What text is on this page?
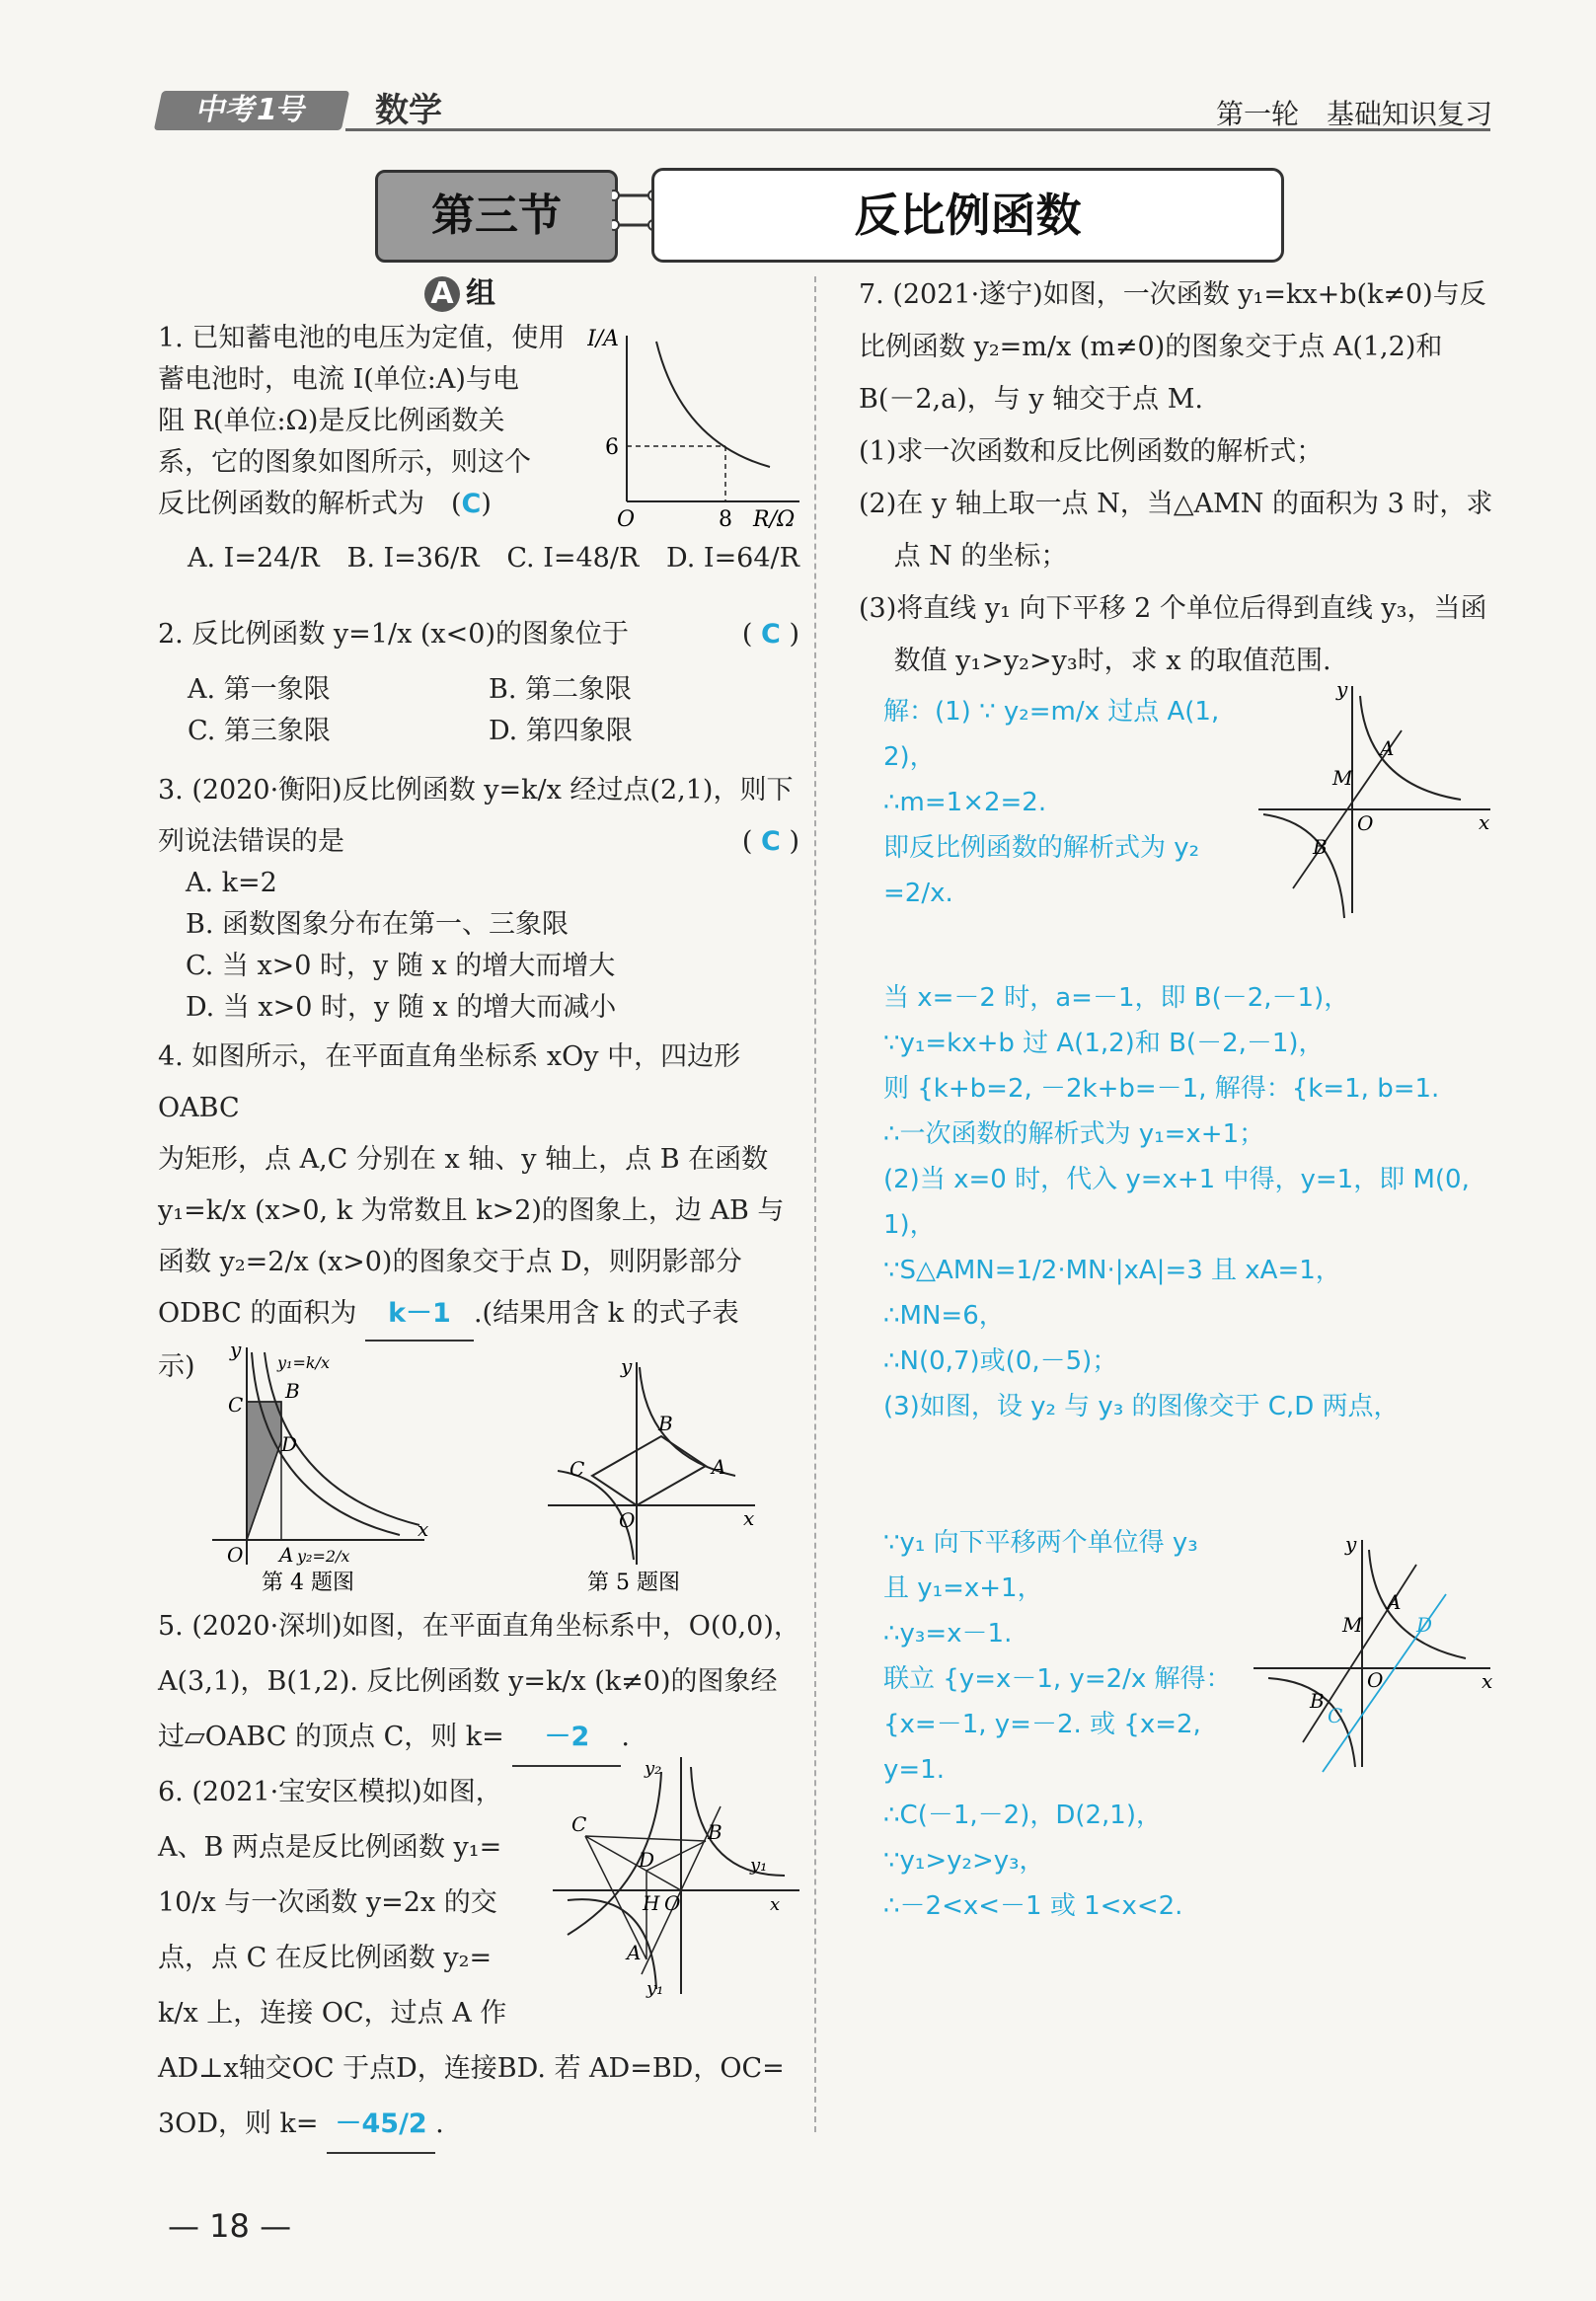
中考1号	数学	第一轮　基础知识复习
第三节	反比例函数
A 组
1. 已知蓄电池的电压为定值，使用
蓄电池时，电流 I(单位:A)与电
阻 R(单位:Ω)是反比例函数关
系，它的图象如图所示，则这个
反比例函数的解析式为　(C)
I/A
R/Ω
O	8
6
A. I=24/R B. I=36/R C. I=48/R D. I=64/R
2. 反比例函数 y=1/x (x<0)的图象位于	( C )
A. 第一象限	B. 第二象限
C. 第三象限	D. 第四象限
3. (2020·衡阳)反比例函数 y=k/x 经过点(2,1)，则下
列说法错误的是	( C )
A. k=2
B. 函数图象分布在第一、三象限
C. 当 x>0 时，y 随 x 的增大而增大
D. 当 x>0 时，y 随 x 的增大而减小
4. 如图所示，在平面直角坐标系 xOy 中，四边形 OABC
为矩形，点 A,C 分别在 x 轴、y 轴上，点 B 在函数
y₁=k/x (x>0, k 为常数且 k>2)的图象上，边 AB 与
函数 y₂=2/x (x>0)的图象交于点 D，则阴影部分
ODBC 的面积为 k－1 .(结果用含 k 的式子表
示)
y
x
O A
B
C
D
y₁=k/x
y₂=2/x
第 4 题图
y
x
O
A
B
C
第 5 题图
5. (2020·深圳)如图，在平面直角坐标系中，O(0,0)，
A(3,1)，B(1,2). 反比例函数 y=k/x (k≠0)的图象经
过▱OABC 的顶点 C，则 k= －2 .
6. (2021·宝安区模拟)如图，
A、B 两点是反比例函数 y₁=
10/x 与一次函数 y=2x 的交
点，点 C 在反比例函数 y₂=
k/x 上，连接 OC，过点 A 作
AD⊥x轴交OC 于点D，连接BD. 若 AD=BD，OC=
3OD，则 k= －45/2 .
y₂
y₁
y₁
x
C	B
D
H O
A
7. (2021·遂宁)如图，一次函数 y₁=kx+b(k≠0)与反
比例函数 y₂=m/x (m≠0)的图象交于点 A(1,2)和
B(－2,a)，与 y 轴交于点 M.
(1)求一次函数和反比例函数的解析式；
(2)在 y 轴上取一点 N，当△AMN 的面积为 3 时，求
　 点 N 的坐标；
(3)将直线 y₁ 向下平移 2 个单位后得到直线 y₃，当函
　 数值 y₁>y₂>y₃时，求 x 的取值范围.
解：(1) ∵ y₂=m/x 过点 A(1,
2)，
∴m=1×2=2.
即反比例函数的解析式为 y₂
=2/x.
当 x=－2 时，a=－1，即 B(－2,－1)，
∵y₁=kx+b 过 A(1,2)和 B(－2,－1)，
则 {k+b=2, －2k+b=－1, 解得：{k=1, b=1.
∴一次函数的解析式为 y₁=x+1；
(2)当 x=0 时，代入 y=x+1 中得，y=1，即 M(0,
1)，
∵S△AMN=1/2·MN·|xA|=3 且 xA=1，
∴MN=6，
∴N(0,7)或(0,－5)；
(3)如图，设 y₂ 与 y₃ 的图像交于 C,D 两点，
∵y₁ 向下平移两个单位得 y₃
且 y₁=x+1，
∴y₃=x－1.
联立 {y=x－1, y=2/x 解得：
{x=－1, y=－2. 或 {x=2, y=1.
∴C(－1,－2)，D(2,1)，
∵y₁>y₂>y₃，
∴－2<x<－1 或 1<x<2.
y
x
O
M
A
B
y
x
O
M
A
B
D
C
— 18 —
